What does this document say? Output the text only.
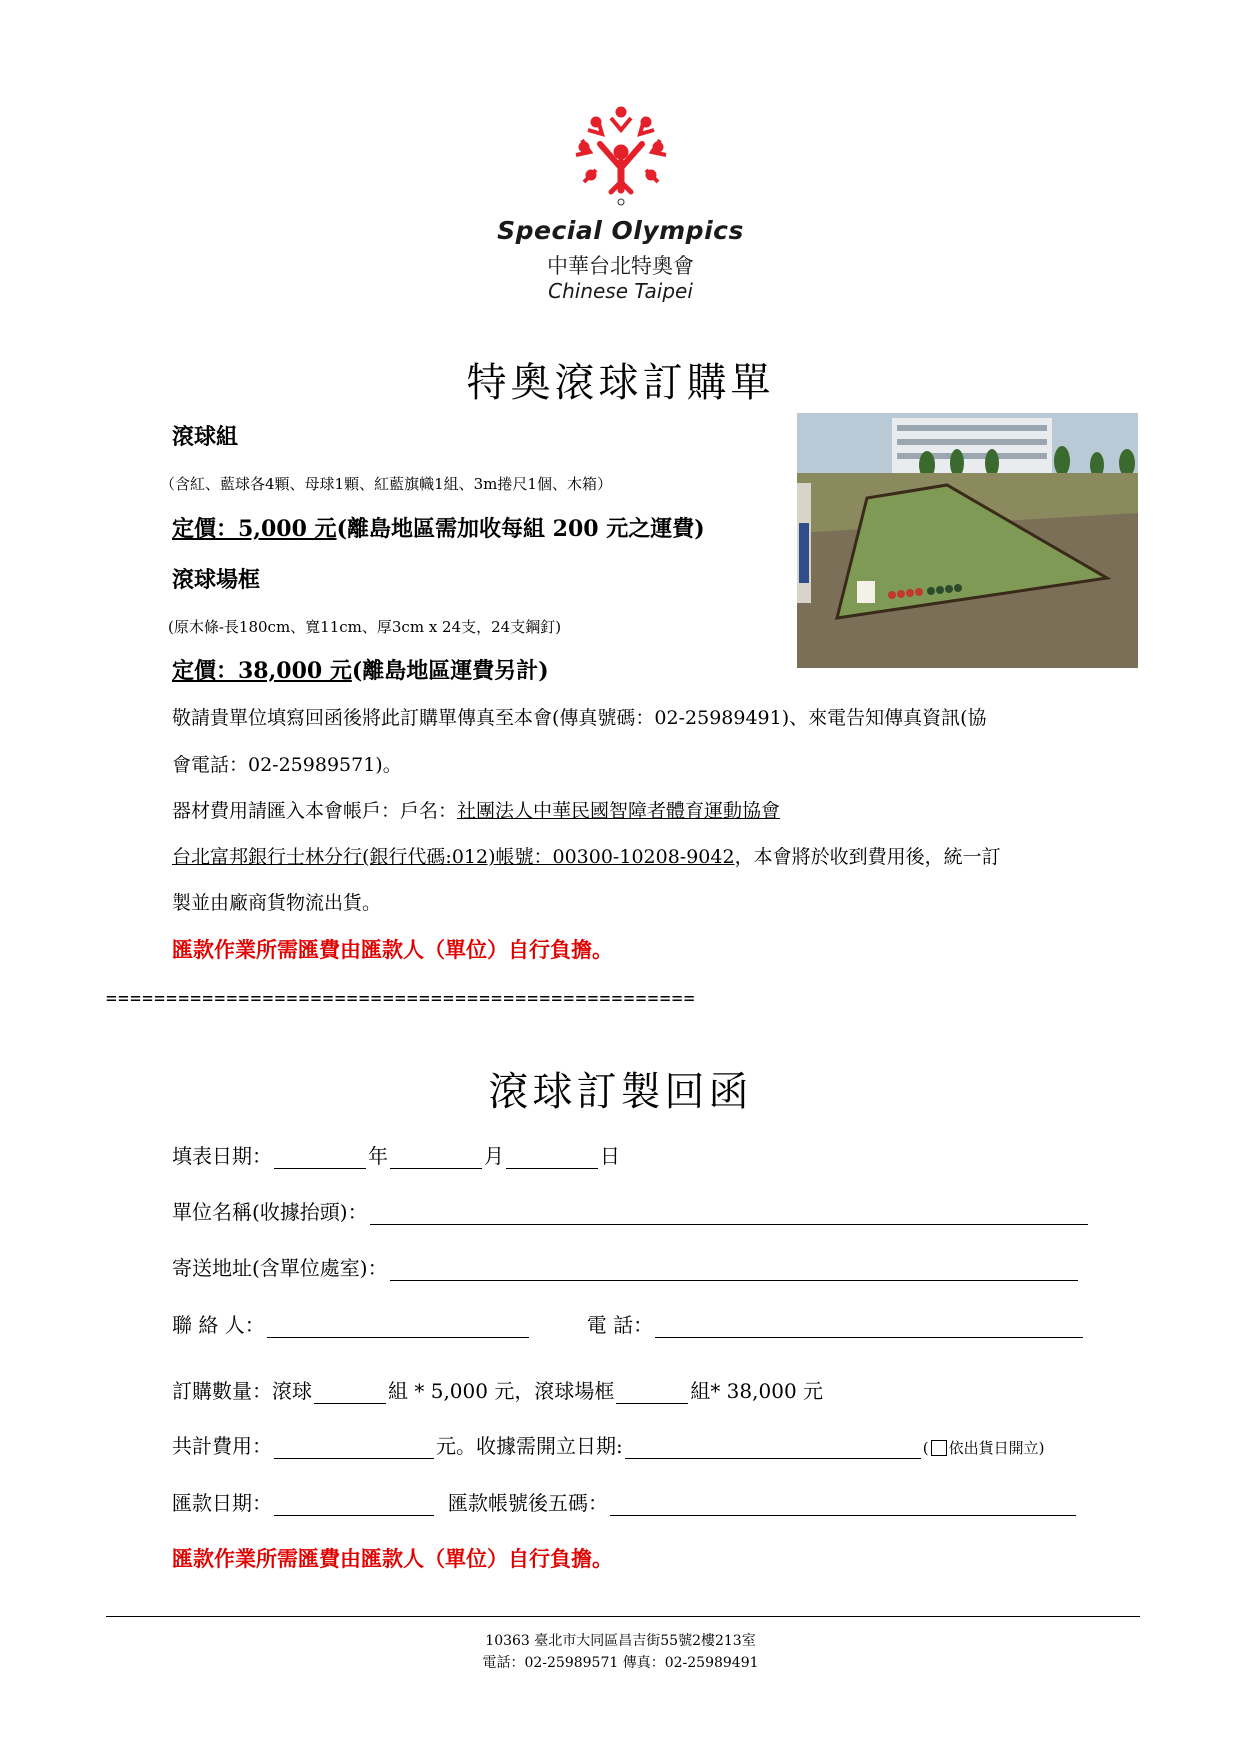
Special Olympics
中華台北特奧會
Chinese Taipei
特奧滾球訂購單
滾球組
（含紅、藍球各4顆、母球1顆、紅藍旗幟1組、3m捲尺1個、木箱）
定價：5,000 元(離島地區需加收每組 200 元之運費)
滾球場框
(原木條-長180cm、寬11cm、厚3cm x 24支，24支鋼釘)
定價：38,000 元(離島地區運費另計)
敬請貴單位填寫回函後將此訂購單傳真至本會(傳真號碼：02-25989491)、來電告知傳真資訊(協
會電話：02-25989571)。
器材費用請匯入本會帳戶：戶名：社團法人中華民國智障者體育運動協會
台北富邦銀行士林分行(銀行代碼:012)帳號：00300-10208-9042，本會將於收到費用後，統一訂
製並由廠商貨物流出貨。
匯款作業所需匯費由匯款人（單位）自行負擔。
=================================================
滾球訂製回函
填表日期：	年	月	日
單位名稱(收據抬頭)：
寄送地址(含單位處室)：
聯 絡 人：	電 話：
訂購數量：滾球	組 * 5,000 元，滾球場框	組* 38,000 元
共計費用：	元。收據需開立日期:	( 依出貨日開立)
匯款日期：	匯款帳號後五碼：
匯款作業所需匯費由匯款人（單位）自行負擔。
10363 臺北市大同區昌吉街55號2樓213室
電話：02-25989571 傳真：02-25989491
